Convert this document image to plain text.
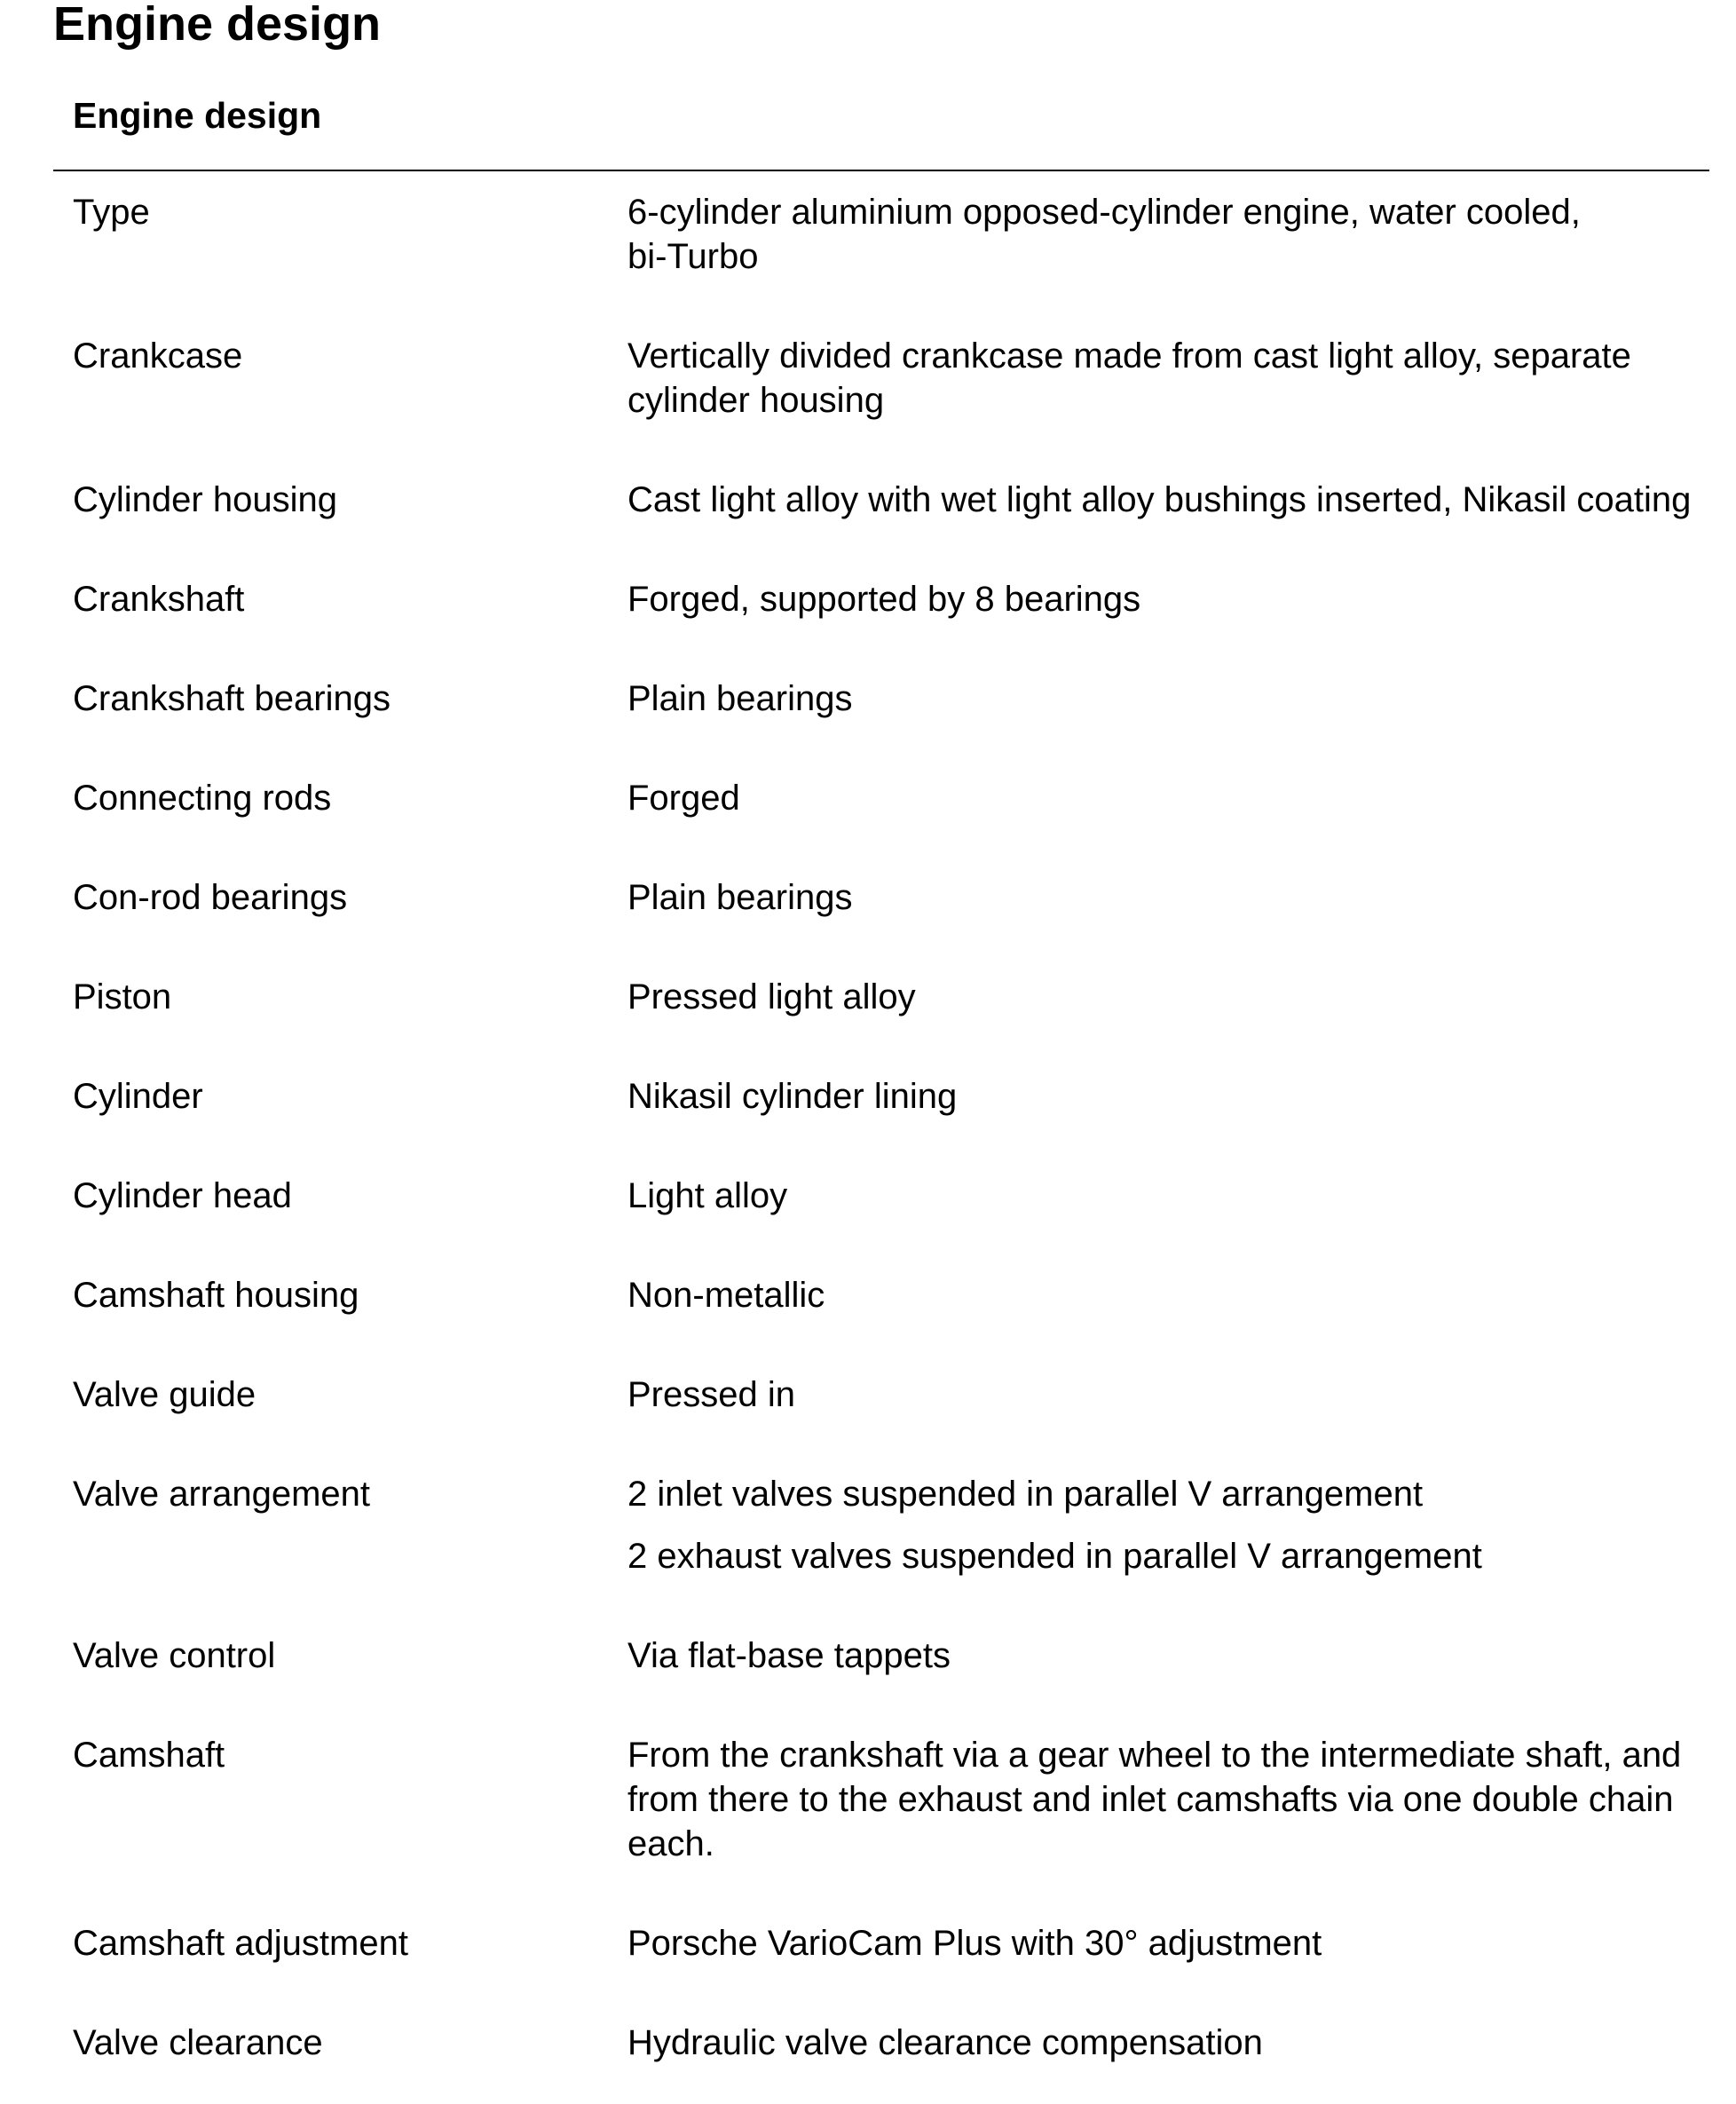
Engine design
Engine design
Type	6-cylinder aluminium opposed-cylinder engine, water cooled,
bi-Turbo
Crankcase	Vertically divided crankcase made from cast light alloy, separate
cylinder housing
Cylinder housing	Cast light alloy with wet light alloy bushings inserted, Nikasil coating
Crankshaft	Forged, supported by 8 bearings
Crankshaft bearings	Plain bearings
Connecting rods	Forged
Con-rod bearings	Plain bearings
Piston	Pressed light alloy
Cylinder	Nikasil cylinder lining
Cylinder head	Light alloy
Camshaft housing	Non-metallic
Valve guide	Pressed in
Valve arrangement	2 inlet valves suspended in parallel V arrangement
2 exhaust valves suspended in parallel V arrangement
Valve control	Via flat-base tappets
Camshaft	From the crankshaft via a gear wheel to the intermediate shaft, and
from there to the exhaust and inlet camshafts via one double chain
each.
Camshaft adjustment	Porsche VarioCam Plus with 30° adjustment
Valve clearance	Hydraulic valve clearance compensation
